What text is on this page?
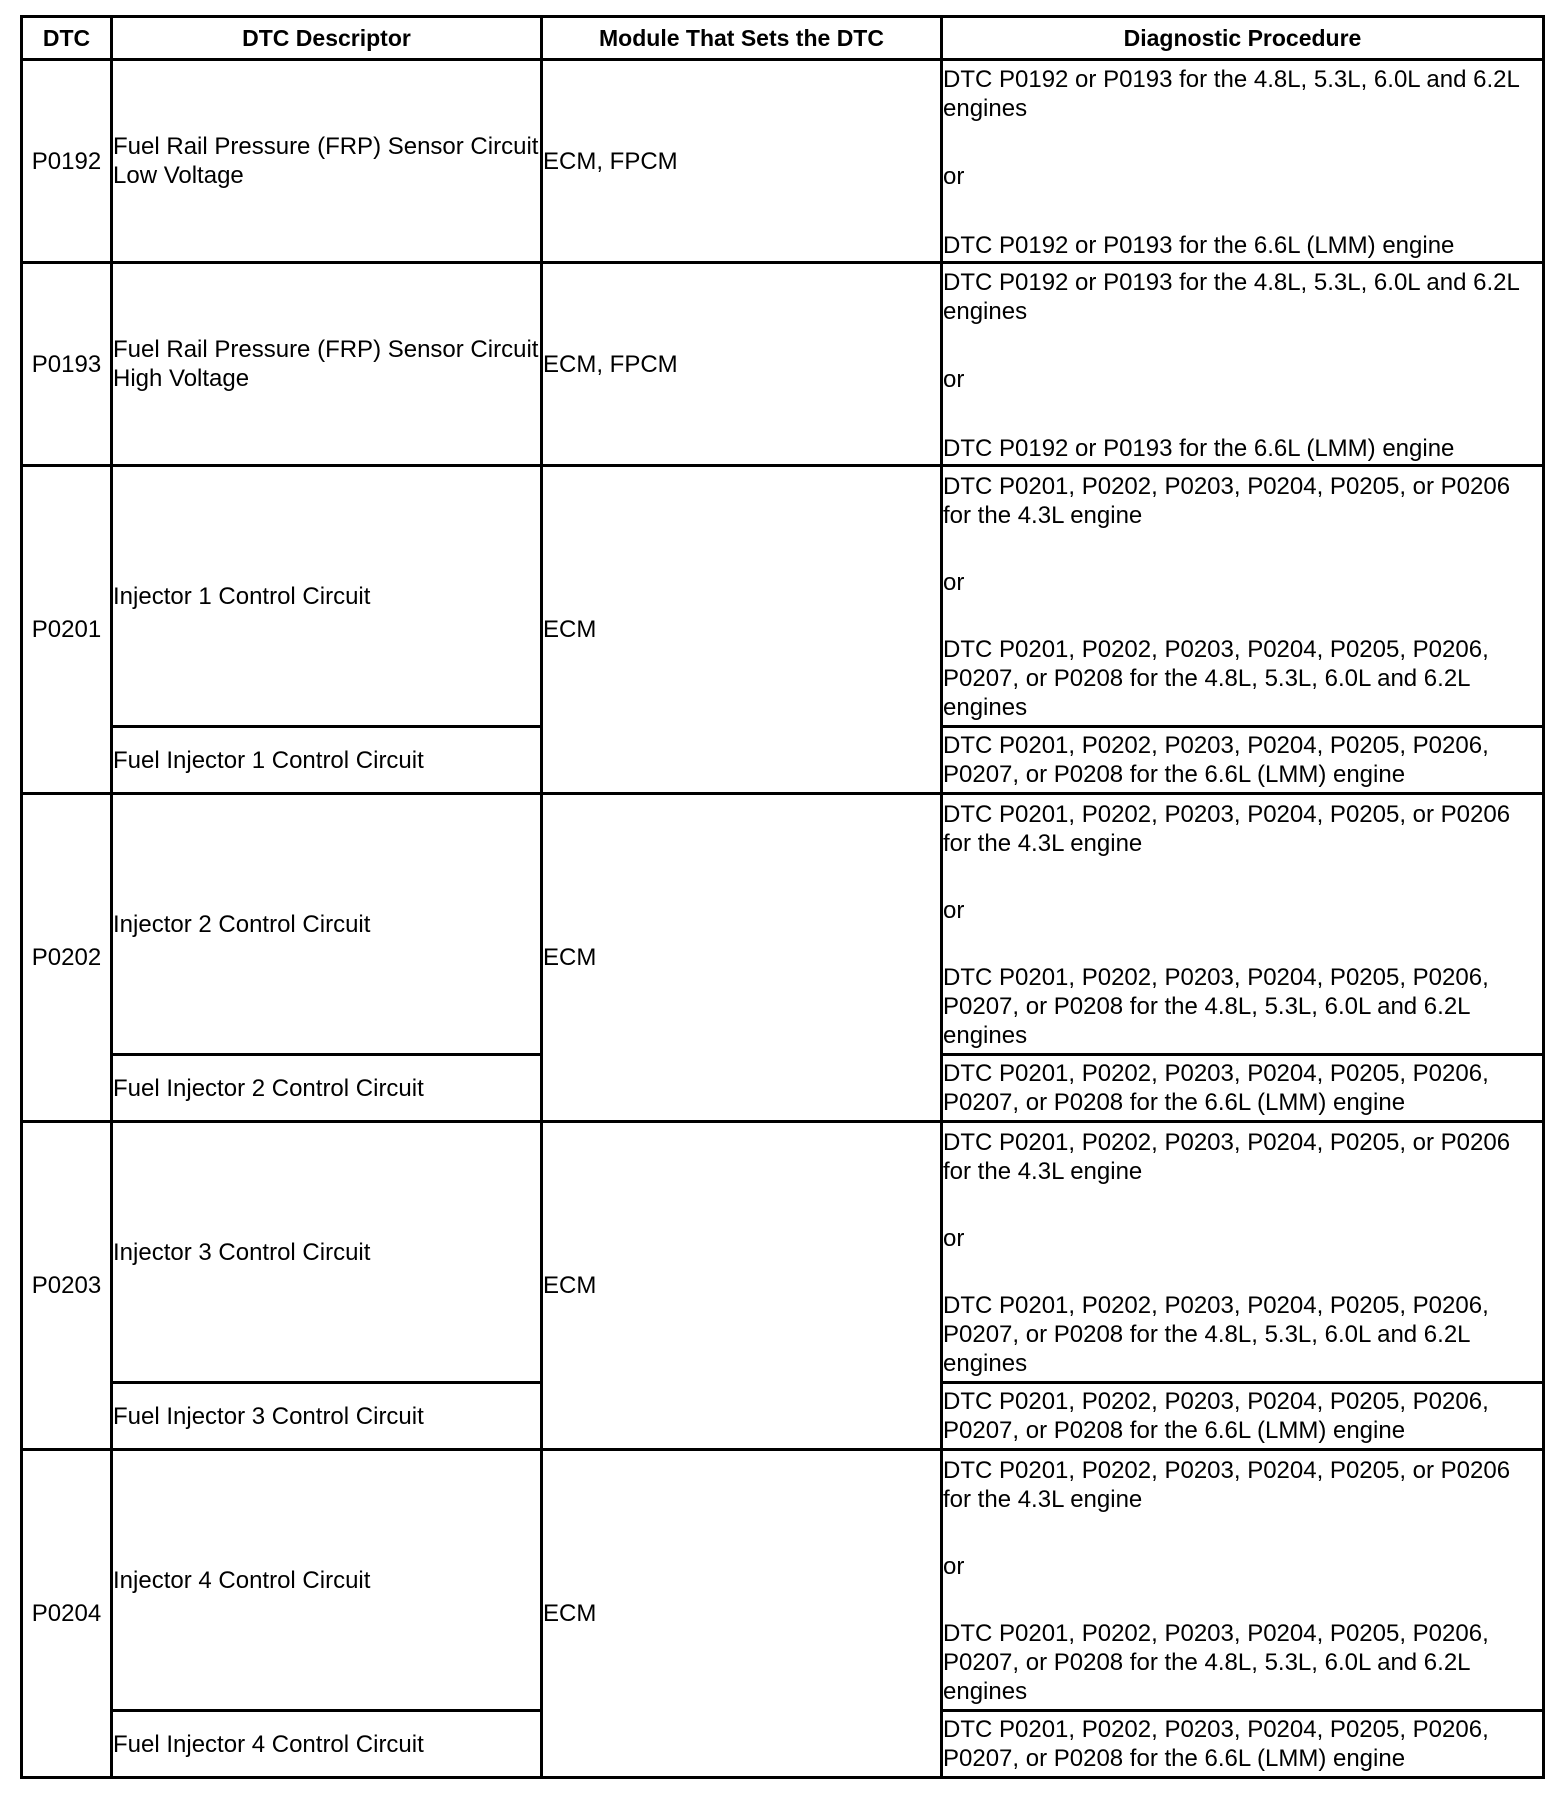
DTC	DTC Descriptor	Module That Sets the DTC	Diagnostic Procedure
P0192	Fuel Rail Pressure (FRP) Sensor Circuit Low Voltage	ECM, FPCM	DTC P0192 or P0193 for the 4.8L, 5.3L, 6.0L and 6.2L engines
or
DTC P0192 or P0193 for the 6.6L (LMM) engine

P0193	Fuel Rail Pressure (FRP) Sensor Circuit High Voltage	ECM, FPCM	DTC P0192 or P0193 for the 4.8L, 5.3L, 6.0L and 6.2L engines
or
DTC P0192 or P0193 for the 6.6L (LMM) engine

P0201	Injector 1 Control Circuit	ECM	DTC P0201, P0202, P0203, P0204, P0205, or P0206 for the 4.3L engine
or
DTC P0201, P0202, P0203, P0204, P0205, P0206, P0207, or P0208 for the 4.8L, 5.3L, 6.0L and 6.2L engines

	Fuel Injector 1 Control Circuit		DTC P0201, P0202, P0203, P0204, P0205, P0206, P0207, or P0208 for the 6.6L (LMM) engine

P0202	Injector 2 Control Circuit	ECM	DTC P0201, P0202, P0203, P0204, P0205, or P0206 for the 4.3L engine
or
DTC P0201, P0202, P0203, P0204, P0205, P0206, P0207, or P0208 for the 4.8L, 5.3L, 6.0L and 6.2L engines

	Fuel Injector 2 Control Circuit		DTC P0201, P0202, P0203, P0204, P0205, P0206, P0207, or P0208 for the 6.6L (LMM) engine

P0203	Injector 3 Control Circuit	ECM	DTC P0201, P0202, P0203, P0204, P0205, or P0206 for the 4.3L engine
or
DTC P0201, P0202, P0203, P0204, P0205, P0206, P0207, or P0208 for the 4.8L, 5.3L, 6.0L and 6.2L engines

	Fuel Injector 3 Control Circuit		DTC P0201, P0202, P0203, P0204, P0205, P0206, P0207, or P0208 for the 6.6L (LMM) engine

P0204	Injector 4 Control Circuit	ECM	DTC P0201, P0202, P0203, P0204, P0205, or P0206 for the 4.3L engine
or
DTC P0201, P0202, P0203, P0204, P0205, P0206, P0207, or P0208 for the 4.8L, 5.3L, 6.0L and 6.2L engines

	Fuel Injector 4 Control Circuit		DTC P0201, P0202, P0203, P0204, P0205, P0206, P0207, or P0208 for the 6.6L (LMM) engine
